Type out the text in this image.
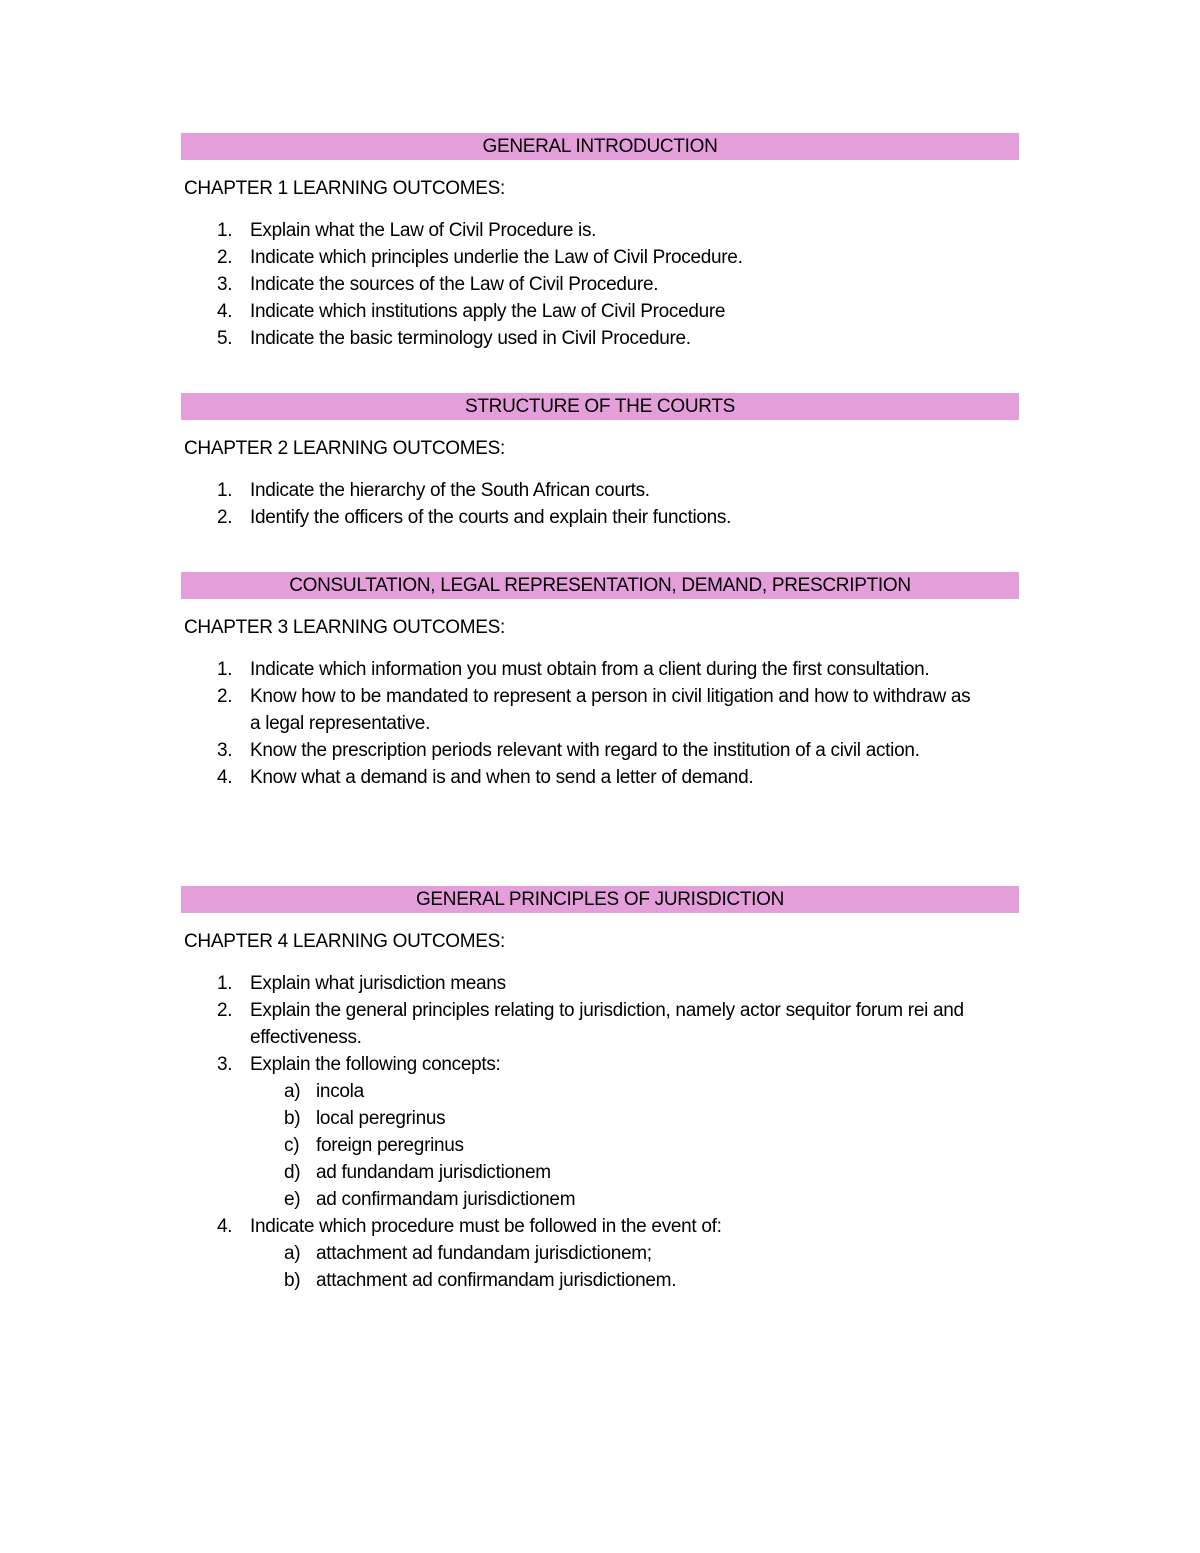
GENERAL INTRODUCTION

CHAPTER 1 LEARNING OUTCOMES:

1. Explain what the Law of Civil Procedure is.
2. Indicate which principles underlie the Law of Civil Procedure.
3. Indicate the sources of the Law of Civil Procedure.
4. Indicate which institutions apply the Law of Civil Procedure
5. Indicate the basic terminology used in Civil Procedure.
STRUCTURE OF THE COURTS

CHAPTER 2 LEARNING OUTCOMES:

1. Indicate the hierarchy of the South African courts.
2. Identify the officers of the courts and explain their functions.
CONSULTATION, LEGAL REPRESENTATION, DEMAND, PRESCRIPTION

CHAPTER 3 LEARNING OUTCOMES:

1. Indicate which information you must obtain from a client during the first consultation.
2. Know how to be mandated to represent a person in civil litigation and how to withdraw as a legal representative.
3. Know the prescription periods relevant with regard to the institution of a civil action.
4. Know what a demand is and when to send a letter of demand.
GENERAL PRINCIPLES OF JURISDICTION

CHAPTER 4 LEARNING OUTCOMES:

1. Explain what jurisdiction means
2. Explain the general principles relating to jurisdiction, namely actor sequitor forum rei and effectiveness.
3. Explain the following concepts:
a) incola
b) local peregrinus
c) foreign peregrinus
d) ad fundandam jurisdictionem
e) ad confirmandam jurisdictionem
4. Indicate which procedure must be followed in the event of:
a) attachment ad fundandam jurisdictionem;
b) attachment ad confirmandam jurisdictionem.
